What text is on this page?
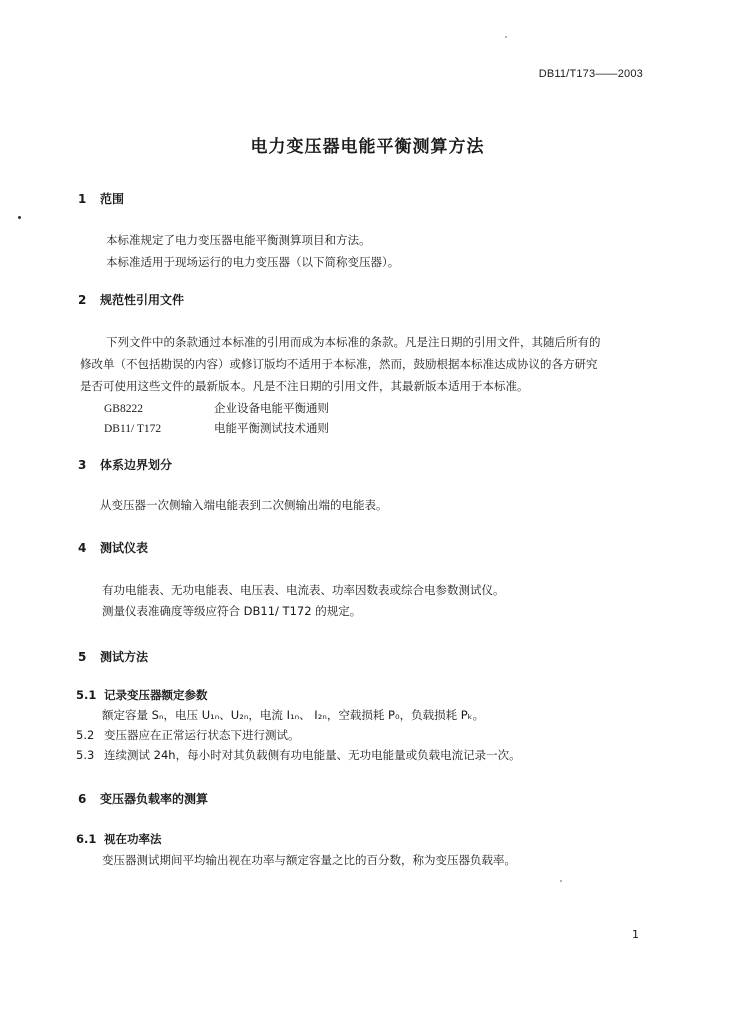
DB11/T173——2003
电力变压器电能平衡测算方法
1 范围
本标准规定了电力变压器电能平衡测算项目和方法。
本标准适用于现场运行的电力变压器（以下简称变压器）。
2 规范性引用文件
下列文件中的条款通过本标准的引用而成为本标准的条款。凡是注日期的引用文件，其随后所有的
修改单（不包括勘误的内容）或修订版均不适用于本标准，然而，鼓励根据本标准达成协议的各方研究
是否可使用这些文件的最新版本。凡是不注日期的引用文件，其最新版本适用于本标准。
GB8222	企业设备电能平衡通则
DB11/ T172	电能平衡测试技术通则
3 体系边界划分
从变压器一次侧输入端电能表到二次侧输出端的电能表。
4 测试仪表
有功电能表、无功电能表、电压表、电流表、功率因数表或综合电参数测试仪。
测量仪表准确度等级应符合 DB11/ T172 的规定。
5 测试方法
5.1 记录变压器额定参数
额定容量 Sₙ，电压 U₁ₙ、U₂ₙ，电流 I₁ₙ、 I₂ₙ，空载损耗 P₀，负载损耗 Pₖ。
5.2 变压器应在正常运行状态下进行测试。
5.3 连续测试 24h，每小时对其负载侧有功电能量、无功电能量或负载电流记录一次。
6 变压器负载率的测算
6.1 视在功率法
变压器测试期间平均输出视在功率与额定容量之比的百分数，称为变压器负载率。
1
